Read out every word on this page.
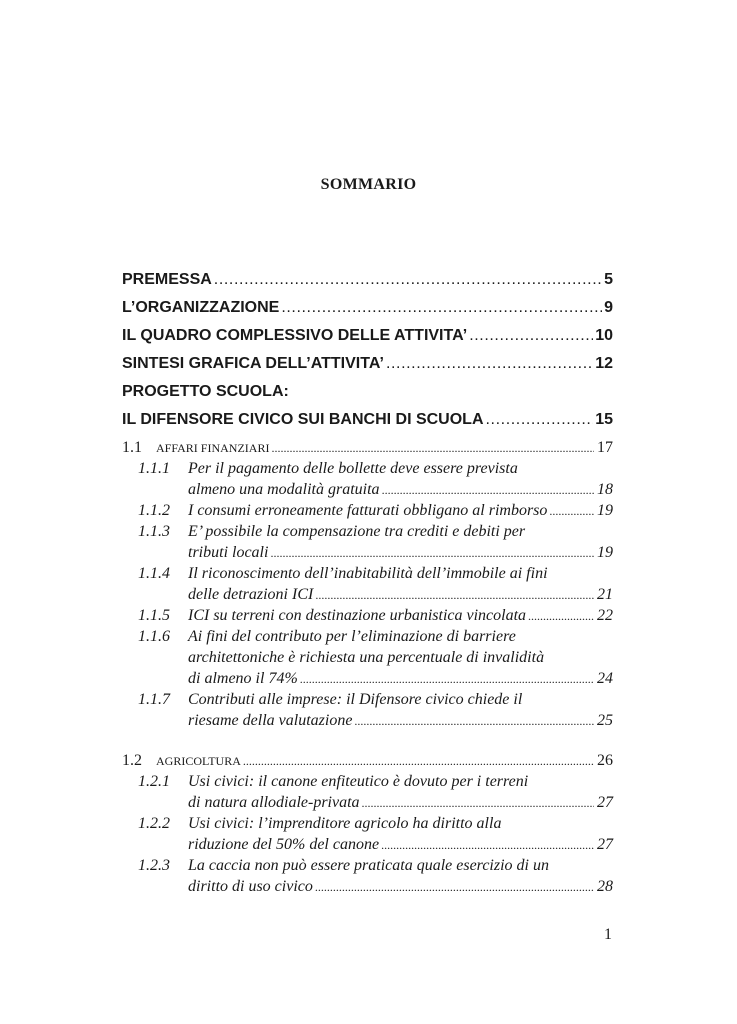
SOMMARIO
PREMESSA .....	5
L’ORGANIZZAZIONE .....	9
IL QUADRO COMPLESSIVO DELLE ATTIVITA’ .....	10
SINTESI GRAFICA DELL’ATTIVITA’ .....	12
PROGETTO SCUOLA:
IL DIFENSORE CIVICO SUI BANCHI DI SCUOLA .....	15
1.1	AFFARI FINANZIARI .....	17
1.1.1	Per il pagamento delle bollette deve essere prevista
almeno una modalità gratuita .....	18
1.1.2	I consumi erroneamente fatturati obbligano al rimborso .....	19
1.1.3	E’ possibile la compensazione tra crediti e debiti per
tributi locali .....	19
1.1.4	Il riconoscimento dell’inabitabilità dell’immobile ai fini
delle detrazioni ICI .....	21
1.1.5	ICI su terreni con destinazione urbanistica vincolata .....	22
1.1.6	Ai fini del contributo per l’eliminazione di barriere
architettoniche è richiesta una percentuale di invalidità
di almeno il 74% .....	24
1.1.7	Contributi alle imprese: il Difensore civico chiede il
riesame della valutazione .....	25
1.2	AGRICOLTURA .....	26
1.2.1	Usi civici: il canone enfiteutico è dovuto per i terreni
di natura allodiale-privata .....	27
1.2.2	Usi civici: l’imprenditore agricolo ha diritto alla
riduzione del 50% del canone .....	27
1.2.3	La caccia non può essere praticata quale esercizio di un
diritto di uso civico .....	28
1
